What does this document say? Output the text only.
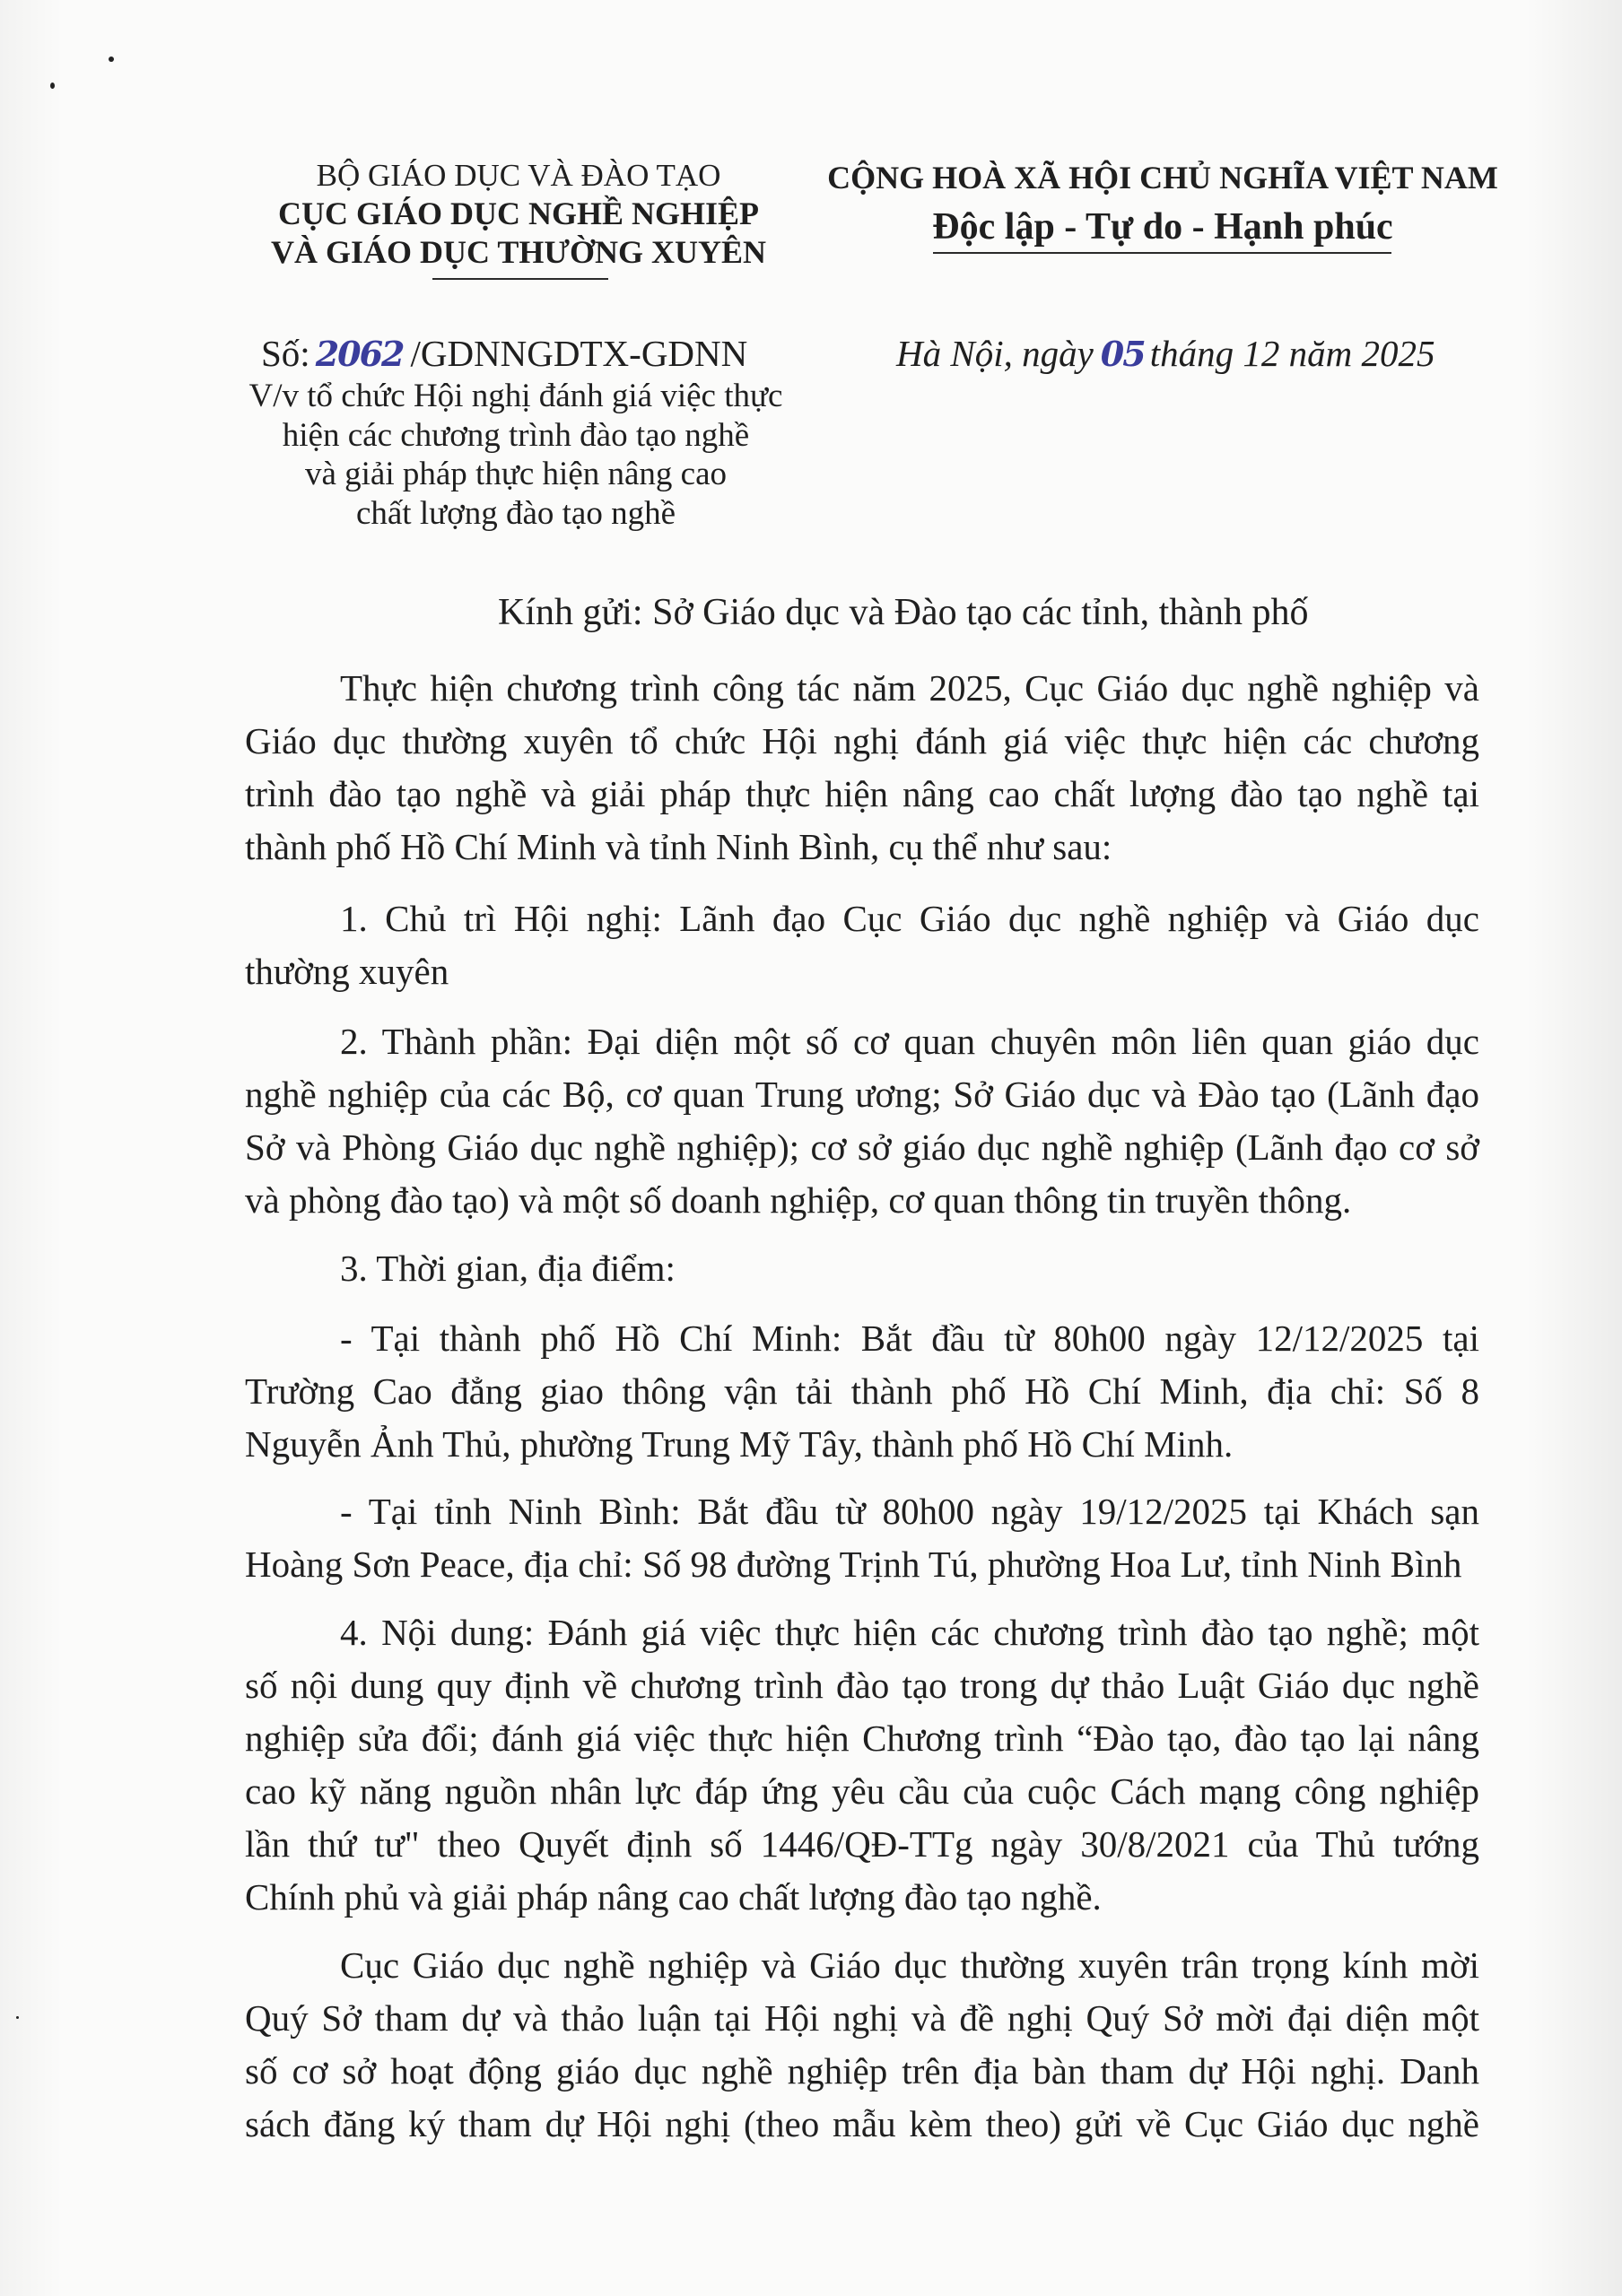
BỘ GIÁO DỤC VÀ ĐÀO TẠO
CỤC GIÁO DỤC NGHỀ NGHIỆP
VÀ GIÁO DỤC THƯỜNG XUYÊN
CỘNG HOÀ XÃ HỘI CHỦ NGHĨA VIỆT NAM
Độc lập - Tự do - Hạnh phúc
Số: 2062 /GDNNGDTX-GDNN
V/v tổ chức Hội nghị đánh giá việc thực
hiện các chương trình đào tạo nghề
và giải pháp thực hiện nâng cao
chất lượng đào tạo nghề
Hà Nội, ngày 05 tháng 12 năm 2025
Kính gửi: Sở Giáo dục và Đào tạo các tỉnh, thành phố
Thực hiện chương trình công tác năm 2025, Cục Giáo dục nghề nghiệp và
Giáo dục thường xuyên tổ chức Hội nghị đánh giá việc thực hiện các chương
trình đào tạo nghề và giải pháp thực hiện nâng cao chất lượng đào tạo nghề tại
thành phố Hồ Chí Minh và tỉnh Ninh Bình, cụ thể như sau:
1. Chủ trì Hội nghị: Lãnh đạo Cục Giáo dục nghề nghiệp và Giáo dục
thường xuyên
2. Thành phần: Đại diện một số cơ quan chuyên môn liên quan giáo dục
nghề nghiệp của các Bộ, cơ quan Trung ương; Sở Giáo dục và Đào tạo (Lãnh đạo
Sở và Phòng Giáo dục nghề nghiệp); cơ sở giáo dục nghề nghiệp (Lãnh đạo cơ sở
và phòng đào tạo) và một số doanh nghiệp, cơ quan thông tin truyền thông.
3. Thời gian, địa điểm:
- Tại thành phố Hồ Chí Minh: Bắt đầu từ 80h00 ngày 12/12/2025 tại
Trường Cao đẳng giao thông vận tải thành phố Hồ Chí Minh, địa chỉ: Số 8
Nguyễn Ảnh Thủ, phường Trung Mỹ Tây, thành phố Hồ Chí Minh.
- Tại tỉnh Ninh Bình: Bắt đầu từ 80h00 ngày 19/12/2025 tại Khách sạn
Hoàng Sơn Peace, địa chỉ: Số 98 đường Trịnh Tú, phường Hoa Lư, tỉnh Ninh Bình
4. Nội dung: Đánh giá việc thực hiện các chương trình đào tạo nghề; một
số nội dung quy định về chương trình đào tạo trong dự thảo Luật Giáo dục nghề
nghiệp sửa đổi; đánh giá việc thực hiện Chương trình “Đào tạo, đào tạo lại nâng
cao kỹ năng nguồn nhân lực đáp ứng yêu cầu của cuộc Cách mạng công nghiệp
lần thứ tư" theo Quyết định số 1446/QĐ-TTg ngày 30/8/2021 của Thủ tướng
Chính phủ và giải pháp nâng cao chất lượng đào tạo nghề.
Cục Giáo dục nghề nghiệp và Giáo dục thường xuyên trân trọng kính mời
Quý Sở tham dự và thảo luận tại Hội nghị và đề nghị Quý Sở mời đại diện một
số cơ sở hoạt động giáo dục nghề nghiệp trên địa bàn tham dự Hội nghị. Danh
sách đăng ký tham dự Hội nghị (theo mẫu kèm theo) gửi về Cục Giáo dục nghề
